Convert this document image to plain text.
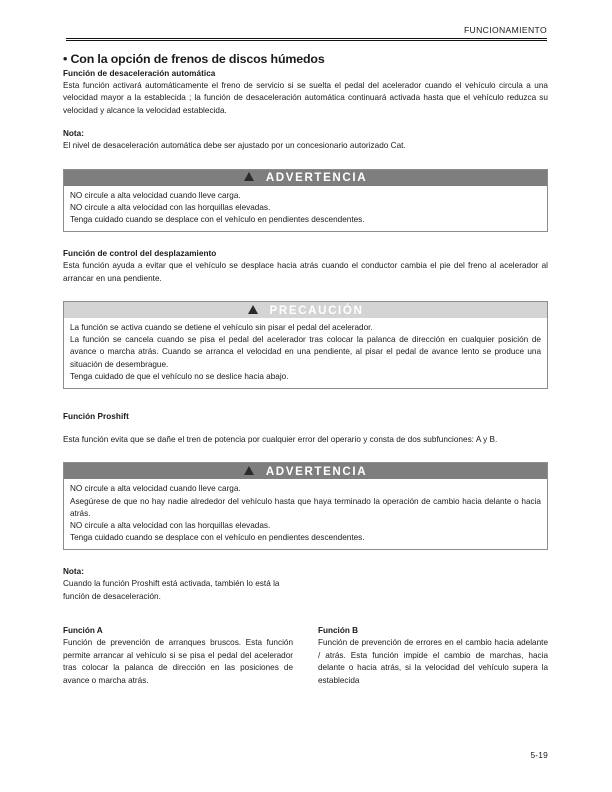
FUNCIONAMIENTO
• Con la opción de frenos de discos húmedos
Función de desaceleración automática

Esta función activará automáticamente el freno de servicio si se suelta el pedal del acelerador cuando el vehículo circula a una velocidad mayor a la establecida ; la función de desaceleración automática continuará activada hasta que el vehículo reduzca su velocidad y alcance la velocidad establecida.

Nota:

El nivel de desaceleración automática debe ser ajustado por un concesionario autorizado Cat.

ADVERTENCIA

NO circule a alta velocidad cuando lleve carga.

NO circule a alta velocidad con las horquillas elevadas.

Tenga cuidado cuando se desplace con el vehículo en pendientes descendentes.

Función de control del desplazamiento

Esta función ayuda a evitar que el vehículo se desplace hacia atrás cuando el conductor cambia el pie del freno al acelerador al arrancar en una pendiente.

PRECAUCIÓN

La función se activa cuando se detiene el vehículo sin pisar el pedal del acelerador.

La función se cancela cuando se pisa el pedal del acelerador tras colocar la palanca de dirección en cualquier posición de avance o marcha atrás. Cuando se arranca el velocidad en una pendiente, al pisar el pedal de avance lento se produce una situación de desembrague.

Tenga cuidado de que el vehículo no se deslice hacia abajo.

Función Proshift

Esta función evita que se dañe el tren de potencia por cualquier error del operario y consta de dos subfunciones: A y B.

ADVERTENCIA

NO circule a alta velocidad cuando lleve carga.

Asegúrese de que no hay nadie alrededor del vehículo hasta que haya terminado la operación de cambio hacia delante o hacia atrás.

NO circule a alta velocidad con las horquillas elevadas.

Tenga cuidado cuando se desplace con el vehículo en pendientes descendentes.

Nota:

Cuando la función Proshift está activada, también lo está la función de desaceleración.

Función A

Función de prevención de arranques bruscos. Esta función permite arrancar al vehículo si se pisa el pedal del acelerador tras colocar la palanca de dirección en las posiciones de avance o marcha atrás.

Función B

Función de prevención de errores en el cambio hacia adelante / atrás. Esta función impide el cambio de marchas, hacia delante o hacia atrás, si la velocidad del vehículo supera la establecida

5-19
